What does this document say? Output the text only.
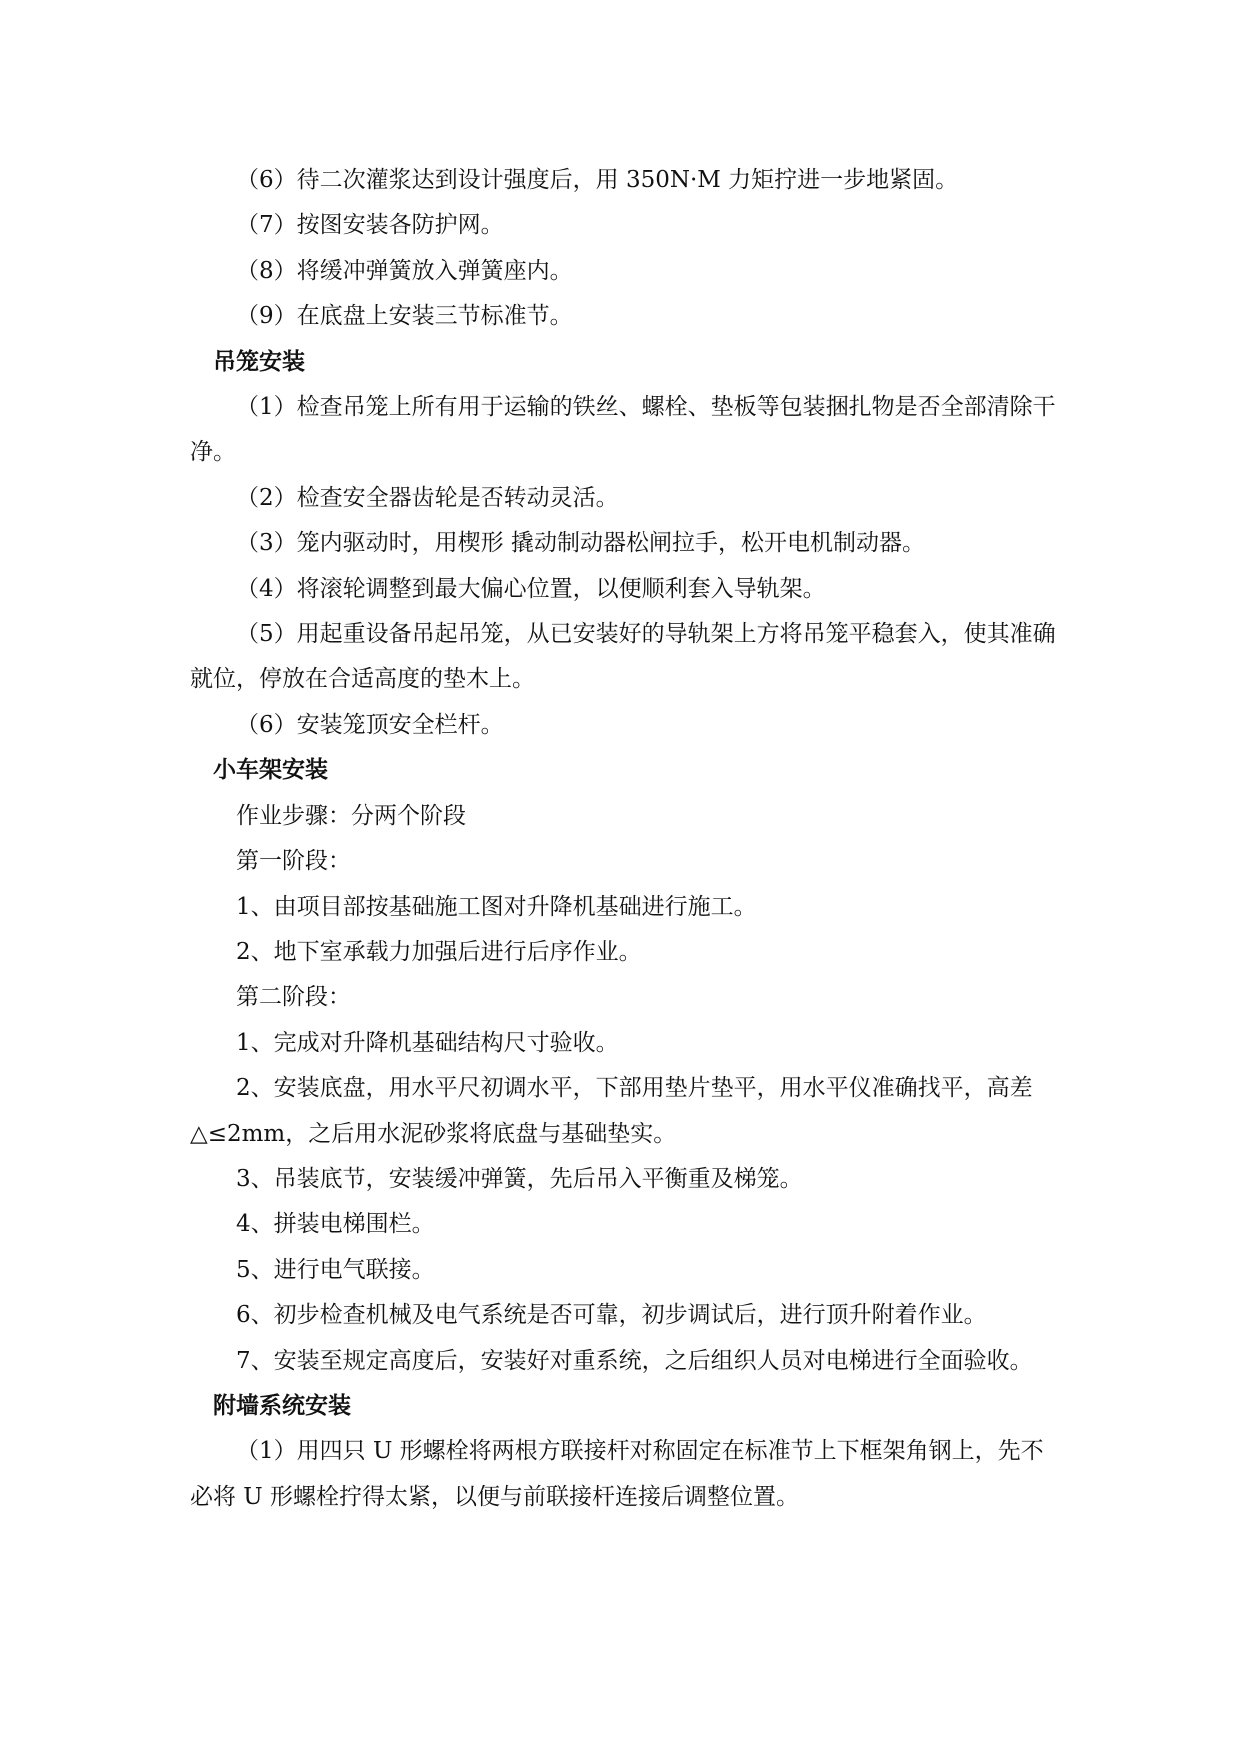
（6）待二次灌浆达到设计强度后，用 350N·M 力矩拧进一步地紧固。

（7）按图安装各防护网。

（8）将缓冲弹簧放入弹簧座内。

（9）在底盘上安装三节标准节。

吊笼安装

（1）检查吊笼上所有用于运输的铁丝、螺栓、垫板等包装捆扎物是否全部清除干净。

（2）检查安全器齿轮是否转动灵活。

（3）笼内驱动时，用楔形 撬动制动器松闸拉手，松开电机制动器。

（4）将滚轮调整到最大偏心位置，以便顺利套入导轨架。

（5）用起重设备吊起吊笼，从已安装好的导轨架上方将吊笼平稳套入，使其准确就位，停放在合适高度的垫木上。

（6）安装笼顶安全栏杆。

小车架安装

作业步骤：分两个阶段

第一阶段：

1、由项目部按基础施工图对升降机基础进行施工。

2、地下室承载力加强后进行后序作业。

第二阶段：

1、完成对升降机基础结构尺寸验收。

2、安装底盘，用水平尺初调水平，下部用垫片垫平，用水平仪准确找平，高差 △≤2mm，之后用水泥砂浆将底盘与基础垫实。

3、吊装底节，安装缓冲弹簧，先后吊入平衡重及梯笼。

4、拼装电梯围栏。

5、进行电气联接。

6、初步检查机械及电气系统是否可靠，初步调试后，进行顶升附着作业。

7、安装至规定高度后，安装好对重系统，之后组织人员对电梯进行全面验收。

附墙系统安装

（1）用四只 U 形螺栓将两根方联接杆对称固定在标准节上下框架角钢上，先不必将 U 形螺栓拧得太紧，以便与前联接杆连接后调整位置。
